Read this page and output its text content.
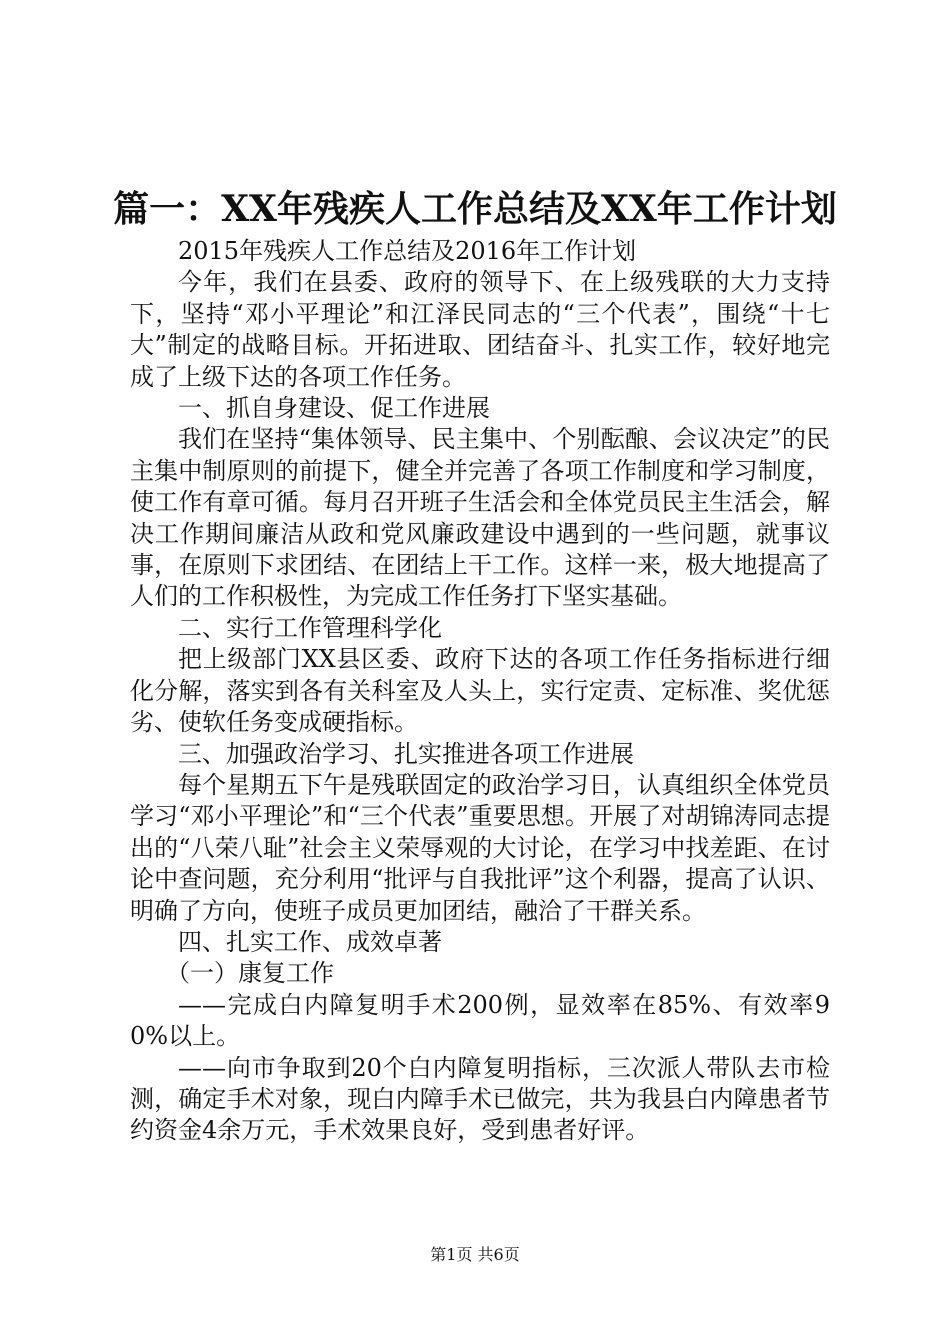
篇一：XX年残疾人工作总结及XX年工作计划

2015年残疾人工作总结及2016年工作计划

今年，我们在县委、政府的领导下、在上级残联的大力支持下，坚持“邓小平理论”和江泽民同志的“三个代表”，围绕“十七大”制定的战略目标。开拓进取、团结奋斗、扎实工作，较好地完成了上级下达的各项工作任务。

一、抓自身建设、促工作进展

我们在坚持“集体领导、民主集中、个别酝酿、会议决定”的民主集中制原则的前提下，健全并完善了各项工作制度和学习制度，使工作有章可循。每月召开班子生活会和全体党员民主生活会，解决工作期间廉洁从政和党风廉政建设中遇到的一些问题，就事议事，在原则下求团结、在团结上干工作。这样一来，极大地提高了人们的工作积极性，为完成工作任务打下坚实基础。

二、实行工作管理科学化

把上级部门XX县区委、政府下达的各项工作任务指标进行细化分解，落实到各有关科室及人头上，实行定责、定标准、奖优惩劣、使软任务变成硬指标。

三、加强政治学习、扎实推进各项工作进展

每个星期五下午是残联固定的政治学习日，认真组织全体党员学习“邓小平理论”和“三个代表”重要思想。开展了对胡锦涛同志提出的“八荣八耻”社会主义荣辱观的大讨论，在学习中找差距、在讨论中查问题，充分利用“批评与自我批评”这个利器，提高了认识、明确了方向，使班子成员更加团结，融洽了干群关系。

四、扎实工作、成效卓著

（一）康复工作

——完成白内障复明手术200例，显效率在85%、有效率90%以上。

——向市争取到20个白内障复明指标，三次派人带队去市检测，确定手术对象，现白内障手术已做完，共为我县白内障患者节约资金4余万元，手术效果良好，受到患者好评。

第1页 共6页
